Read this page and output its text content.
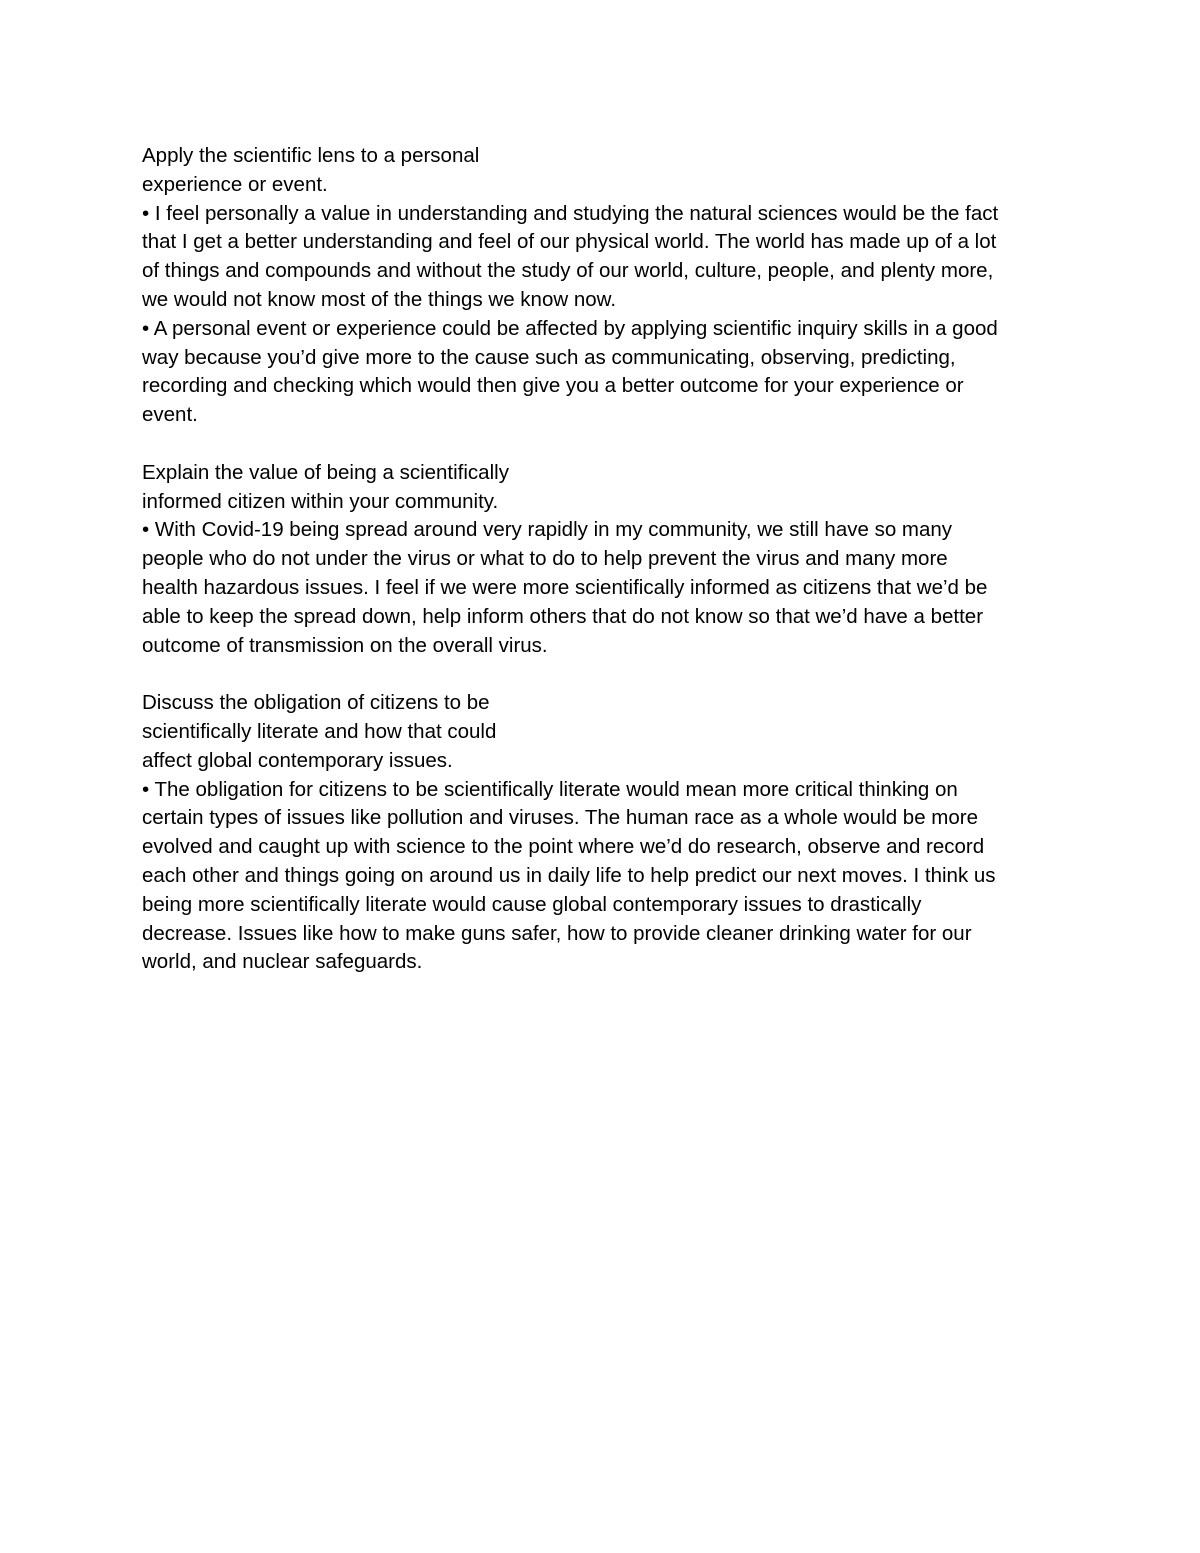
Apply the scientific lens to a personal
experience or event.
• I feel personally a value in understanding and studying the natural sciences would be the fact
that I get a better understanding and feel of our physical world. The world has made up of a lot
of things and compounds and without the study of our world, culture, people, and plenty more,
we would not know most of the things we know now.
• A personal event or experience could be affected by applying scientific inquiry skills in a good
way because you’d give more to the cause such as communicating, observing, predicting,
recording and checking which would then give you a better outcome for your experience or
event.
Explain the value of being a scientifically
informed citizen within your community.
• With Covid-19 being spread around very rapidly in my community, we still have so many
people who do not under the virus or what to do to help prevent the virus and many more
health hazardous issues. I feel if we were more scientifically informed as citizens that we’d be
able to keep the spread down, help inform others that do not know so that we’d have a better
outcome of transmission on the overall virus.
Discuss the obligation of citizens to be
scientifically literate and how that could
affect global contemporary issues.
• The obligation for citizens to be scientifically literate would mean more critical thinking on
certain types of issues like pollution and viruses. The human race as a whole would be more
evolved and caught up with science to the point where we’d do research, observe and record
each other and things going on around us in daily life to help predict our next moves. I think us
being more scientifically literate would cause global contemporary issues to drastically
decrease. Issues like how to make guns safer, how to provide cleaner drinking water for our
world, and nuclear safeguards.
